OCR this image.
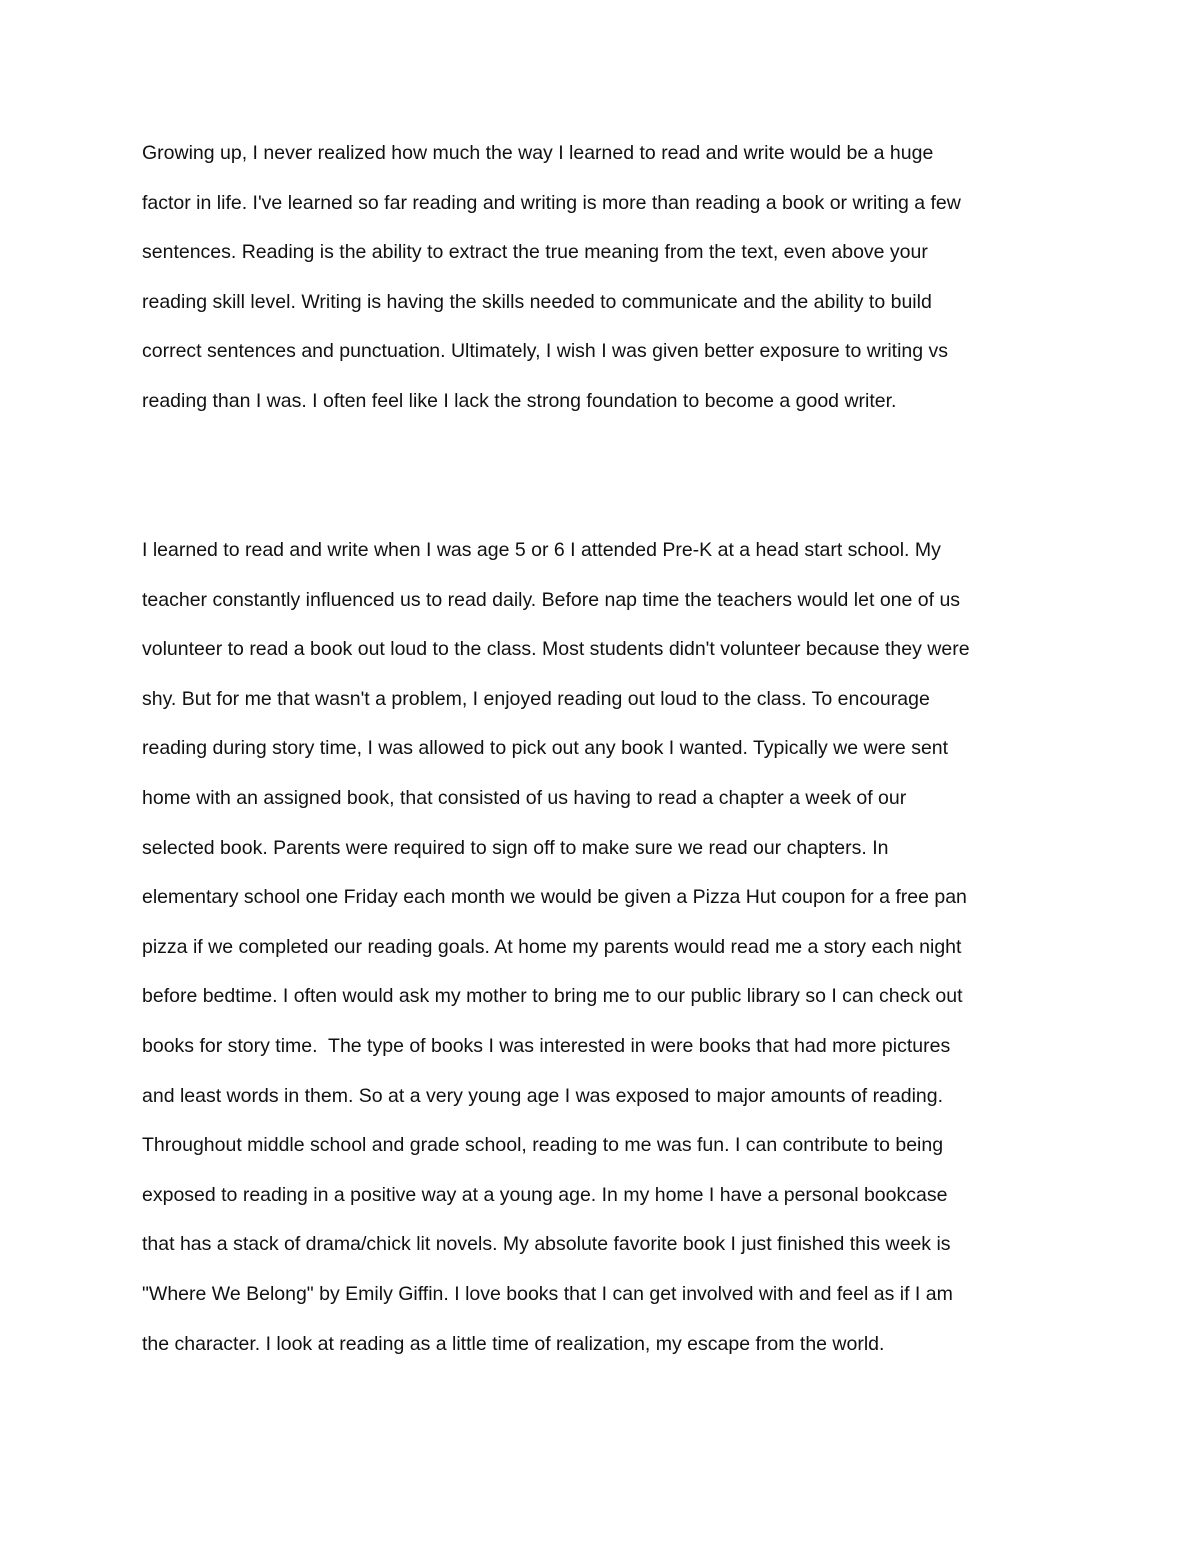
Growing up, I never realized how much the way I learned to read and write would be a huge
factor in life. I've learned so far reading and writing is more than reading a book or writing a few
sentences. Reading is the ability to extract the true meaning from the text, even above your
reading skill level. Writing is having the skills needed to communicate and the ability to build
correct sentences and punctuation. Ultimately, I wish I was given better exposure to writing vs
reading than I was. I often feel like I lack the strong foundation to become a good writer.
I learned to read and write when I was age 5 or 6 I attended Pre-K at a head start school. My
teacher constantly influenced us to read daily. Before nap time the teachers would let one of us
volunteer to read a book out loud to the class. Most students didn't volunteer because they were
shy. But for me that wasn't a problem, I enjoyed reading out loud to the class. To encourage
reading during story time, I was allowed to pick out any book I wanted. Typically we were sent
home with an assigned book, that consisted of us having to read a chapter a week of our
selected book. Parents were required to sign off to make sure we read our chapters. In
elementary school one Friday each month we would be given a Pizza Hut coupon for a free pan
pizza if we completed our reading goals. At home my parents would read me a story each night
before bedtime. I often would ask my mother to bring me to our public library so I can check out
books for story time.  The type of books I was interested in were books that had more pictures
and least words in them. So at a very young age I was exposed to major amounts of reading.
Throughout middle school and grade school, reading to me was fun. I can contribute to being
exposed to reading in a positive way at a young age. In my home I have a personal bookcase
that has a stack of drama/chick lit novels. My absolute favorite book I just finished this week is
"Where We Belong" by Emily Giffin. I love books that I can get involved with and feel as if I am
the character. I look at reading as a little time of realization, my escape from the world.
